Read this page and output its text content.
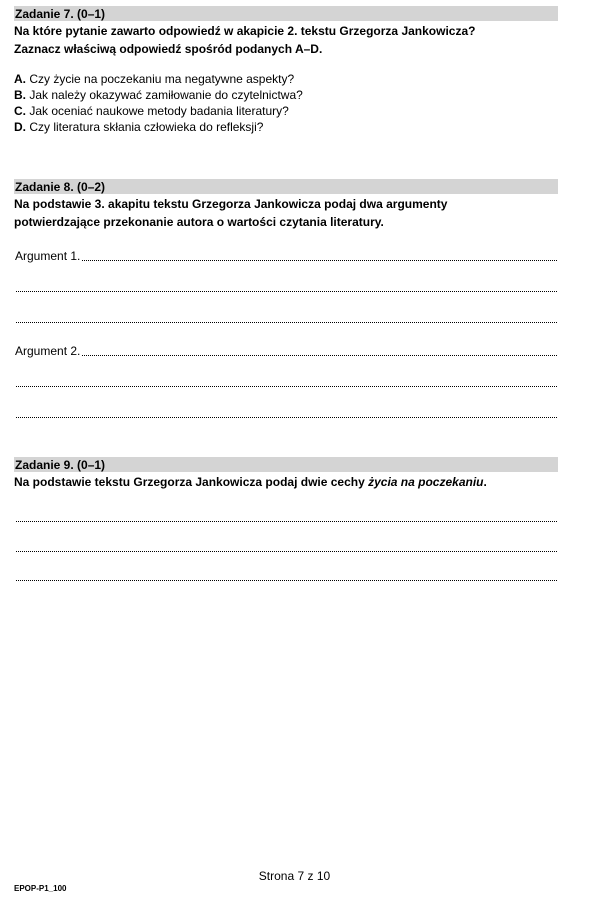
Zadanie 7. (0–1)
Na które pytanie zawarto odpowiedź w akapicie 2. tekstu Grzegorza Jankowicza?
Zaznacz właściwą odpowiedź spośród podanych A–D.
A. Czy życie na poczekaniu ma negatywne aspekty?
B. Jak należy okazywać zamiłowanie do czytelnictwa?
C. Jak oceniać naukowe metody badania literatury?
D. Czy literatura skłania człowieka do refleksji?
Zadanie 8. (0–2)
Na podstawie 3. akapitu tekstu Grzegorza Jankowicza podaj dwa argumenty
potwierdzające przekonanie autora o wartości czytania literatury.
Argument 1.
Argument 2.
Zadanie 9. (0–1)
Na podstawie tekstu Grzegorza Jankowicza podaj dwie cechy życia na poczekaniu.
Strona 7 z 10
EPOP-P1_100
